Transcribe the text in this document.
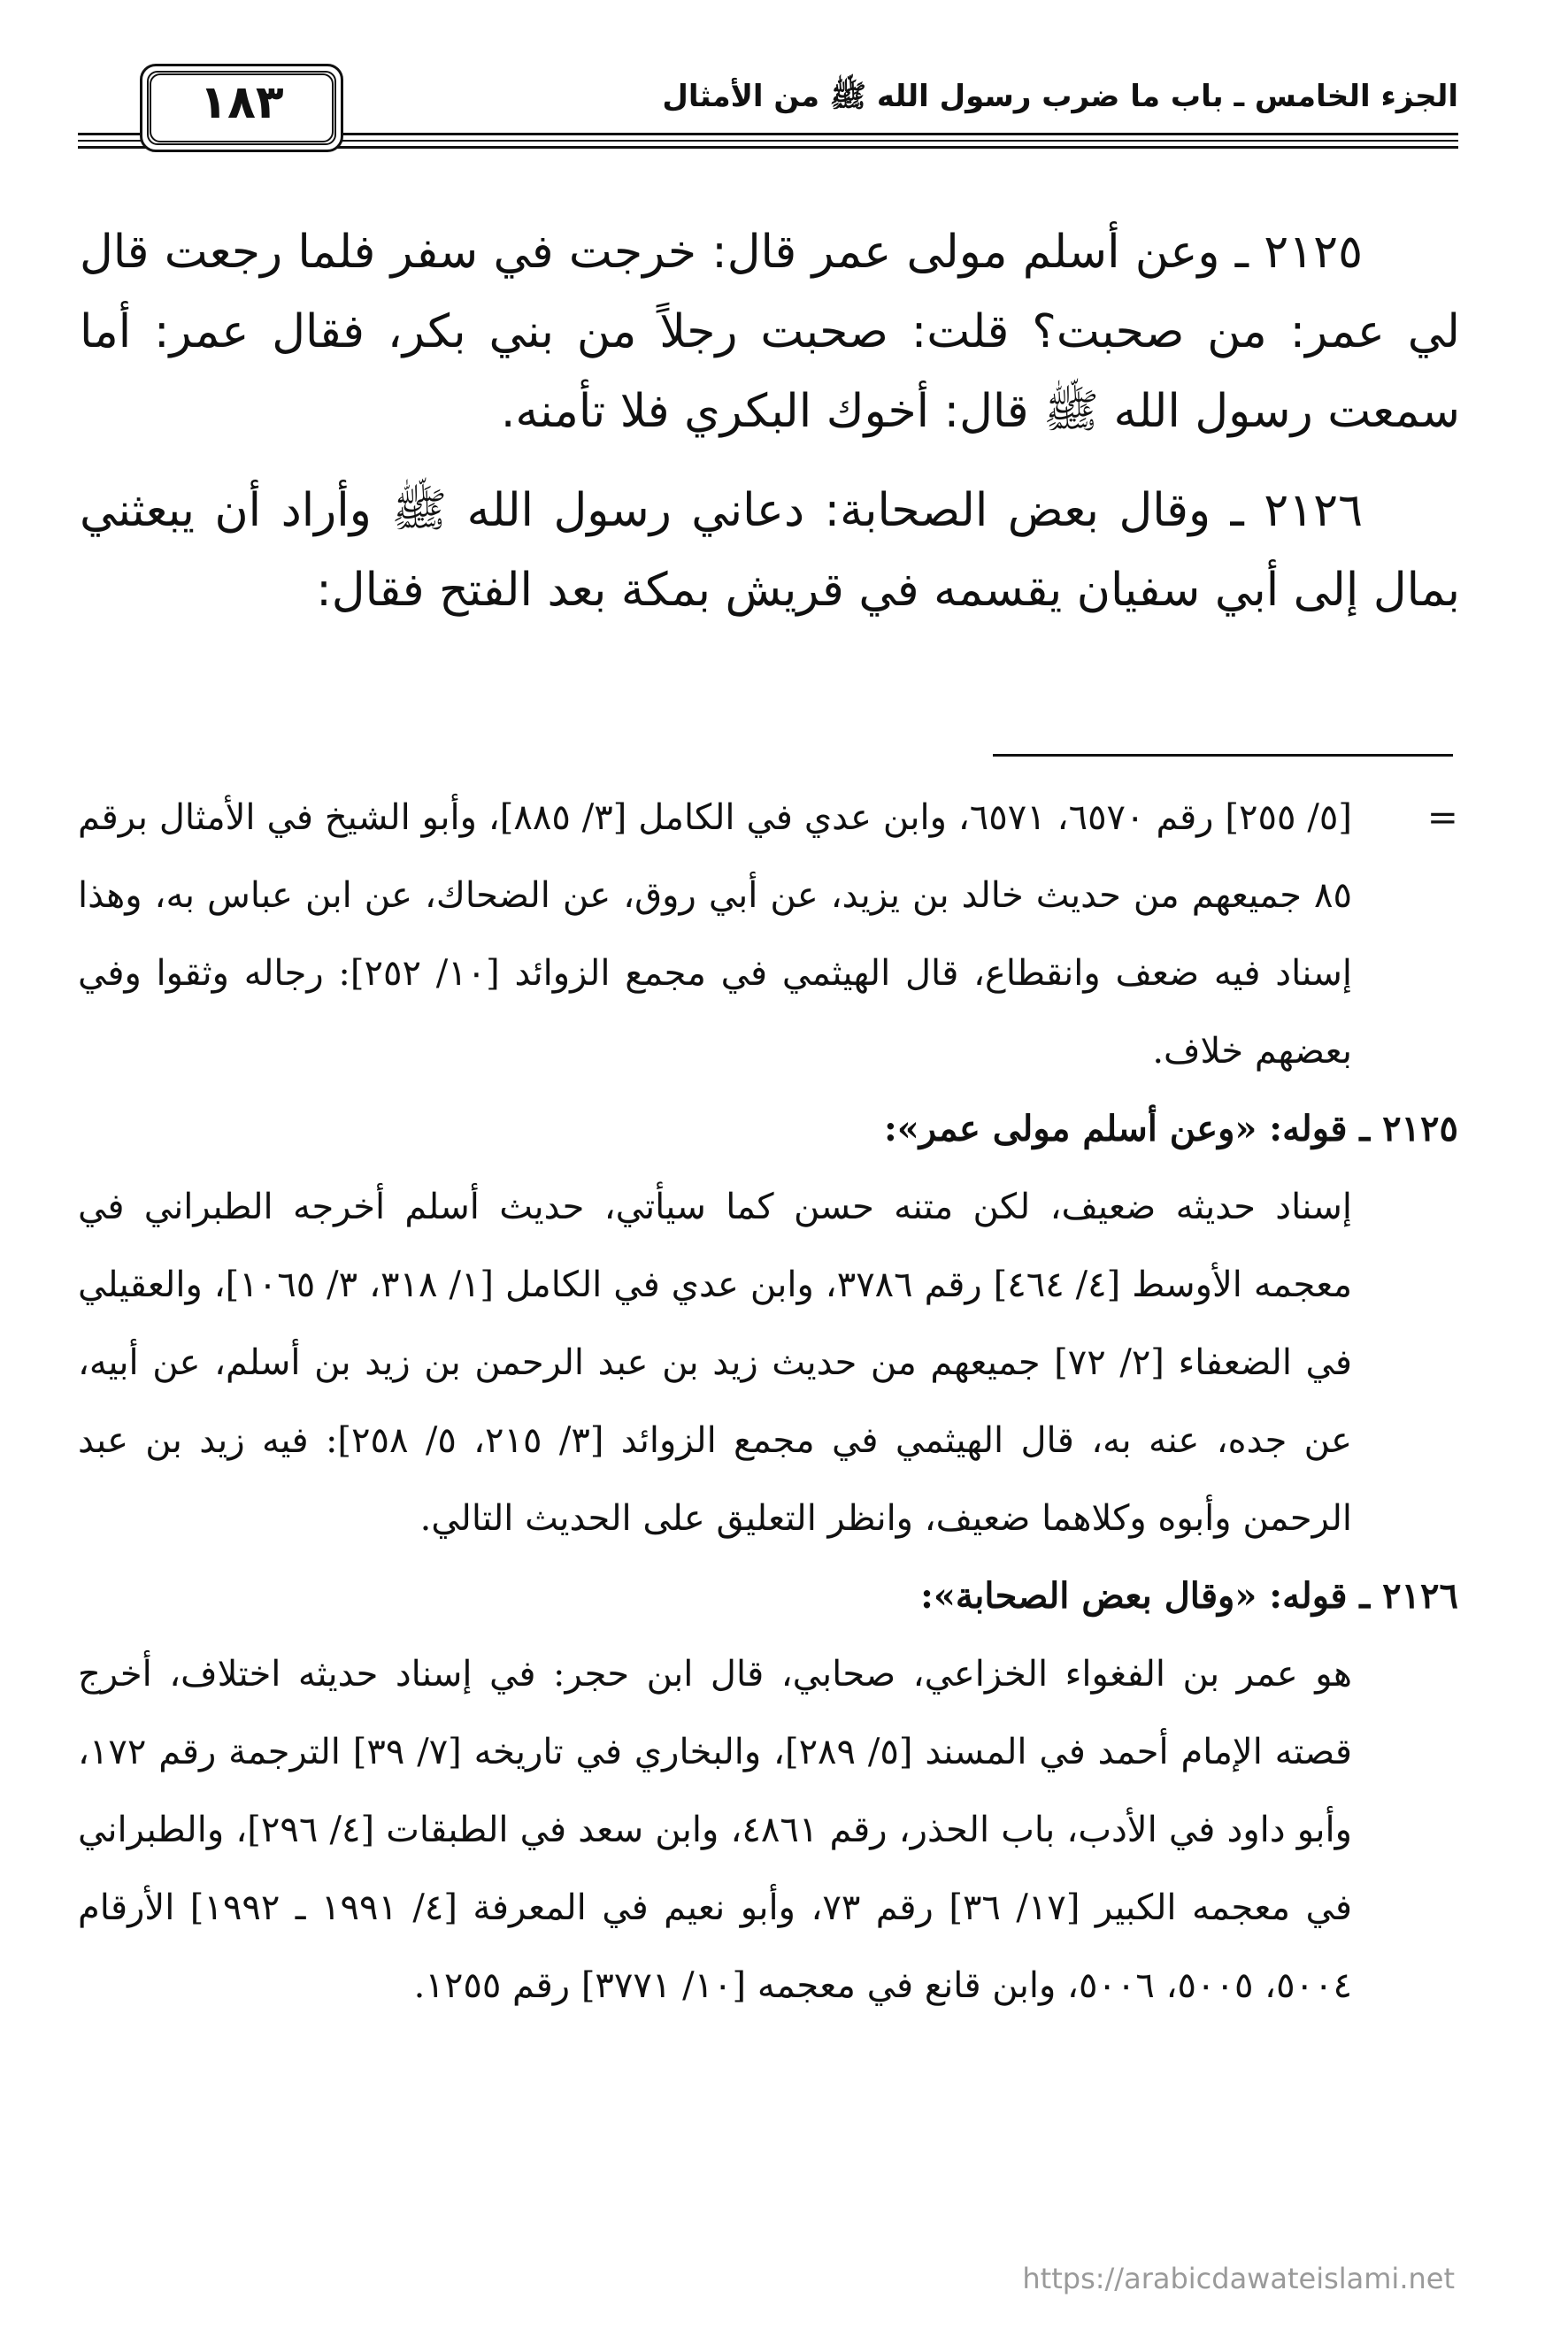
الجزء الخامس ـ باب ما ضرب رسول الله ﷺ من الأمثال
١٨٣

٢١٢٥ ـ وعن أسلم مولى عمر قال: خرجت في سفر فلما رجعت قال لي عمر: من صحبت؟ قلت: صحبت رجلاً من بني بكر، فقال عمر: أما سمعت رسول الله ﷺ قال: أخوك البكري فلا تأمنه.

٢١٢٦ ـ وقال بعض الصحابة: دعاني رسول الله ﷺ وأراد أن يبعثني بمال إلى أبي سفيان يقسمه في قريش بمكة بعد الفتح فقال:

=
[٥/ ٢٥٥] رقم ٦٥٧٠، ٦٥٧١، وابن عدي في الكامل [٣/ ٨٨٥]، وأبو الشيخ في الأمثال برقم ٨٥ جميعهم من حديث خالد بن يزيد، عن أبي روق، عن الضحاك، عن ابن عباس به، وهذا إسناد فيه ضعف وانقطاع، قال الهيثمي في مجمع الزوائد [١٠/ ٢٥٢]: رجاله وثقوا وفي بعضهم خلاف.

٢١٢٥ ـ قوله: «وعن أسلم مولى عمر»:

إسناد حديثه ضعيف، لكن متنه حسن كما سيأتي، حديث أسلم أخرجه الطبراني في معجمه الأوسط [٤/ ٤٦٤] رقم ٣٧٨٦، وابن عدي في الكامل [١/ ٣١٨، ٣/ ١٠٦٥]، والعقيلي في الضعفاء [٢/ ٧٢] جميعهم من حديث زيد بن عبد الرحمن بن زيد بن أسلم، عن أبيه، عن جده، عنه به، قال الهيثمي في مجمع الزوائد [٣/ ٢١٥، ٥/ ٢٥٨]: فيه زيد بن عبد الرحمن وأبوه وكلاهما ضعيف، وانظر التعليق على الحديث التالي.

٢١٢٦ ـ قوله: «وقال بعض الصحابة»:

هو عمر بن الفغواء الخزاعي، صحابي، قال ابن حجر: في إسناد حديثه اختلاف، أخرج قصته الإمام أحمد في المسند [٥/ ٢٨٩]، والبخاري في تاريخه [٧/ ٣٩] الترجمة رقم ١٧٢، وأبو داود في الأدب، باب الحذر، رقم ٤٨٦١، وابن سعد في الطبقات [٤/ ٢٩٦]، والطبراني في معجمه الكبير [١٧/ ٣٦] رقم ٧٣، وأبو نعيم في المعرفة [٤/ ١٩٩١ ـ ١٩٩٢] الأرقام ٥٠٠٤، ٥٠٠٥، ٥٠٠٦، وابن قانع في معجمه [١٠/ ٣٧٧١] رقم ١٢٥٥.

https://arabicdawateislami.net
